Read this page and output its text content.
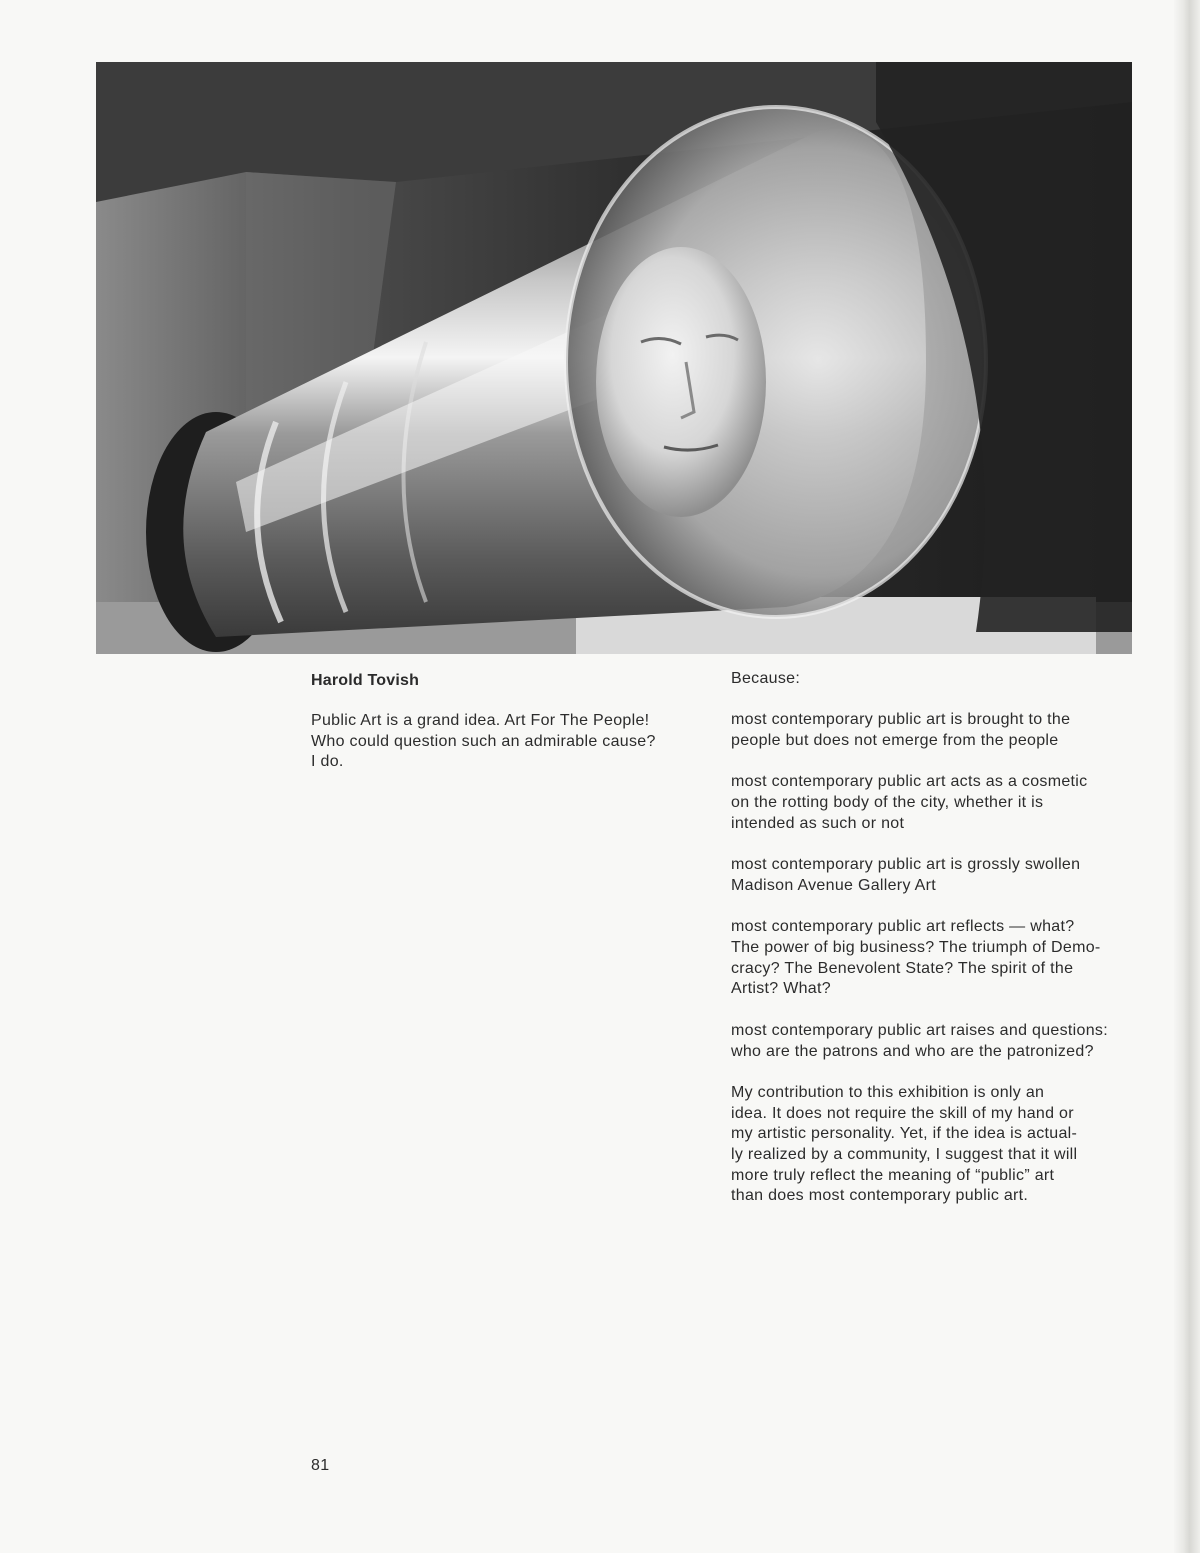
Harold Tovish
Public Art is a grand idea. Art For The People!
Who could question such an admirable cause?
I do.
Because:
most contemporary public art is brought to the
people but does not emerge from the people
most contemporary public art acts as a cosmetic
on the rotting body of the city, whether it is
intended as such or not
most contemporary public art is grossly swollen
Madison Avenue Gallery Art
most contemporary public art reflects — what?
The power of big business? The triumph of Demo-
cracy? The Benevolent State? The spirit of the
Artist? What?
most contemporary public art raises and questions:
who are the patrons and who are the patronized?
My contribution to this exhibition is only an
idea. It does not require the skill of my hand or
my artistic personality. Yet, if the idea is actual-
ly realized by a community, I suggest that it will
more truly reflect the meaning of “public” art
than does most contemporary public art.
81
